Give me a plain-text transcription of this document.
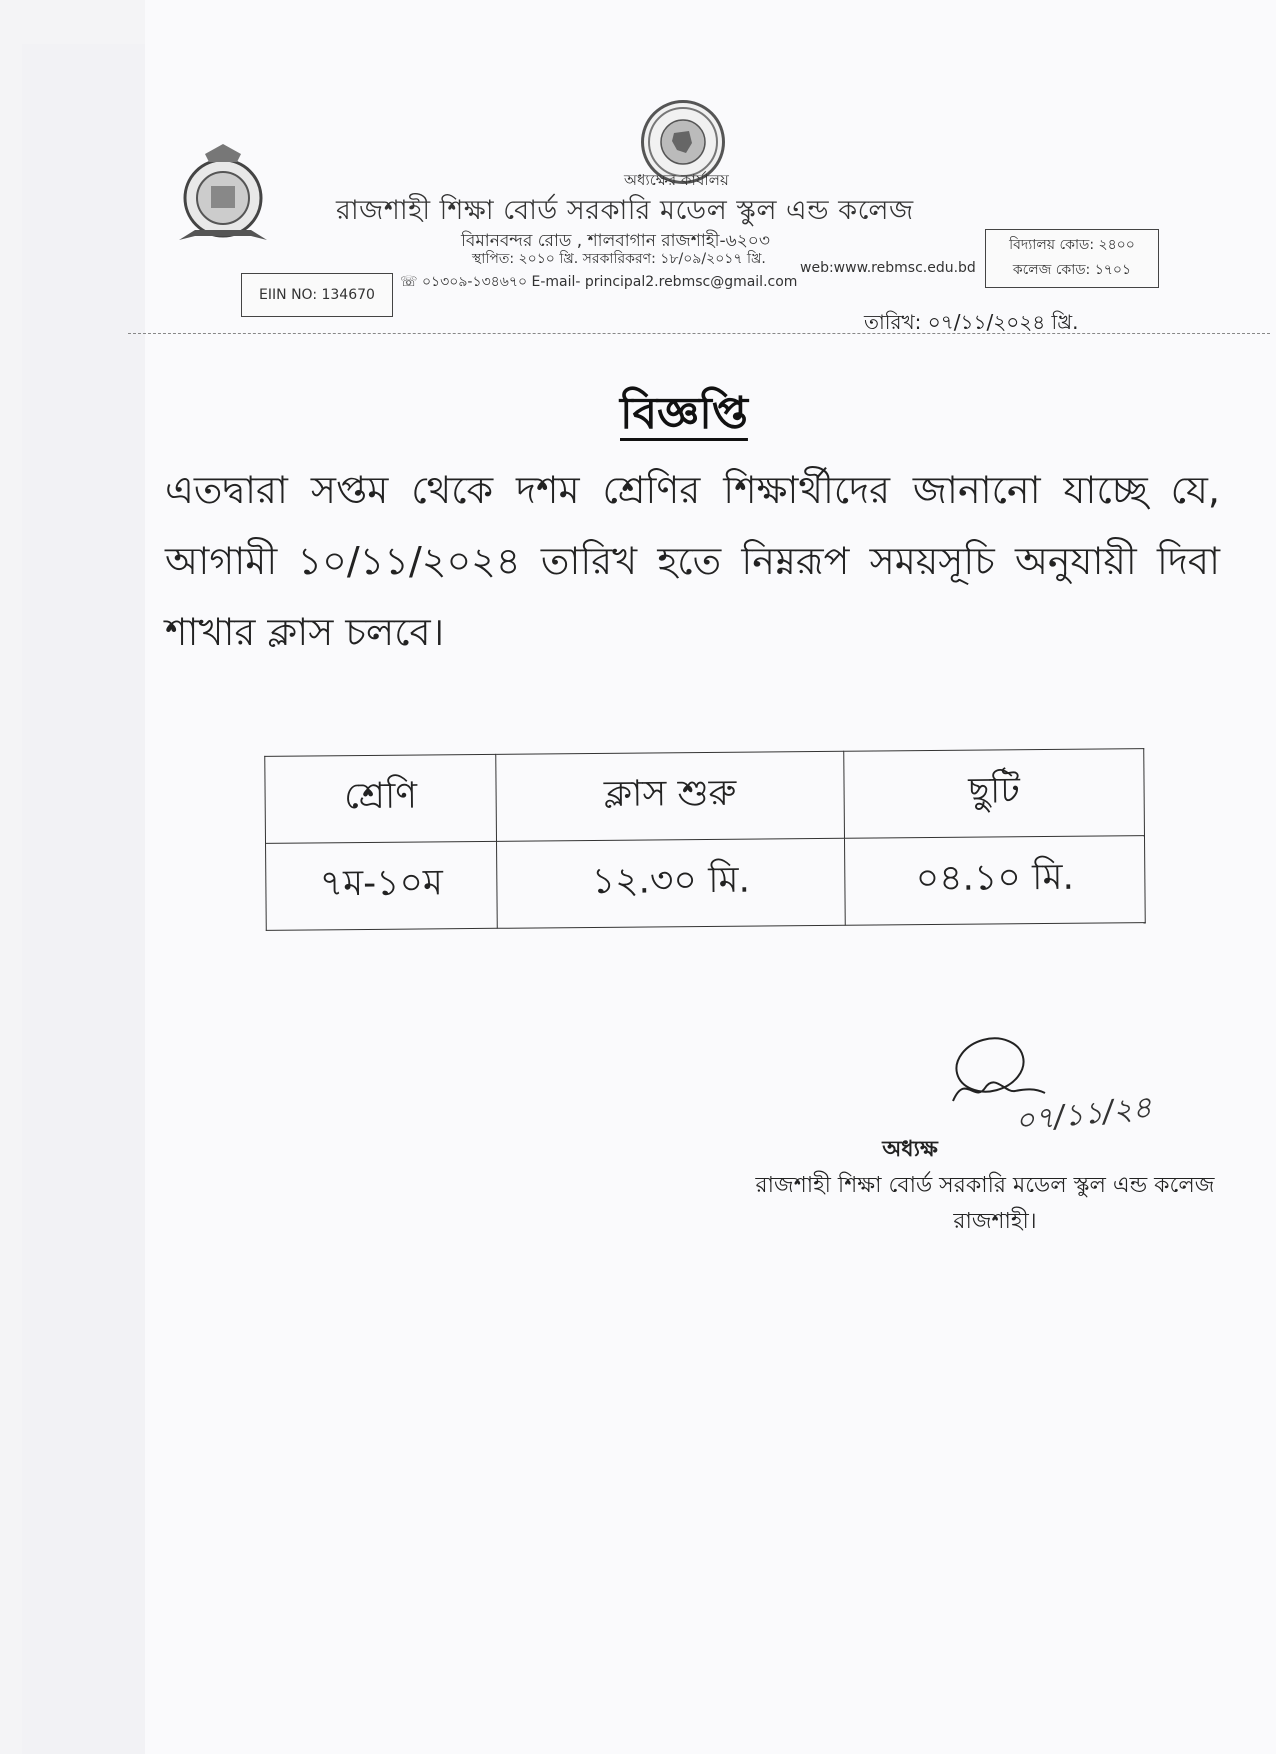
অধ্যক্ষের কার্যালয়
রাজশাহী শিক্ষা বোর্ড সরকারি মডেল স্কুল এন্ড কলেজ
বিমানবন্দর রোড , শালবাগান রাজশাহী-৬২০৩
স্থাপিত: ২০১০ খ্রি. সরকারিকরণ: ১৮/০৯/২০১৭ খ্রি.
☏ ০১৩০৯-১৩৪৬৭০ E-mail- principal2.rebmsc@gmail.com
web:www.rebmsc.edu.bd
EIIN NO: 134670
বিদ্যালয় কোড: ২৪০০
কলেজ কোড: ১৭০১
তারিখ: ০৭/১১/২০২৪ খ্রি.
বিজ্ঞপ্তি
এতদ্বারা সপ্তম থেকে দশম শ্রেণির শিক্ষার্থীদের জানানো যাচ্ছে যে, আগামী ১০/১১/২০২৪ তারিখ হতে নিম্নরূপ সময়সূচি অনুযায়ী দিবা শাখার ক্লাস চলবে।
শ্রেণি	ক্লাস শুরু	ছুটি
৭ম-১০ম	১২.৩০ মি.	০৪.১০ মি.
০৭/১১/২৪
অধ্যক্ষ
রাজশাহী শিক্ষা বোর্ড সরকারি মডেল স্কুল এন্ড কলেজ
রাজশাহী।
